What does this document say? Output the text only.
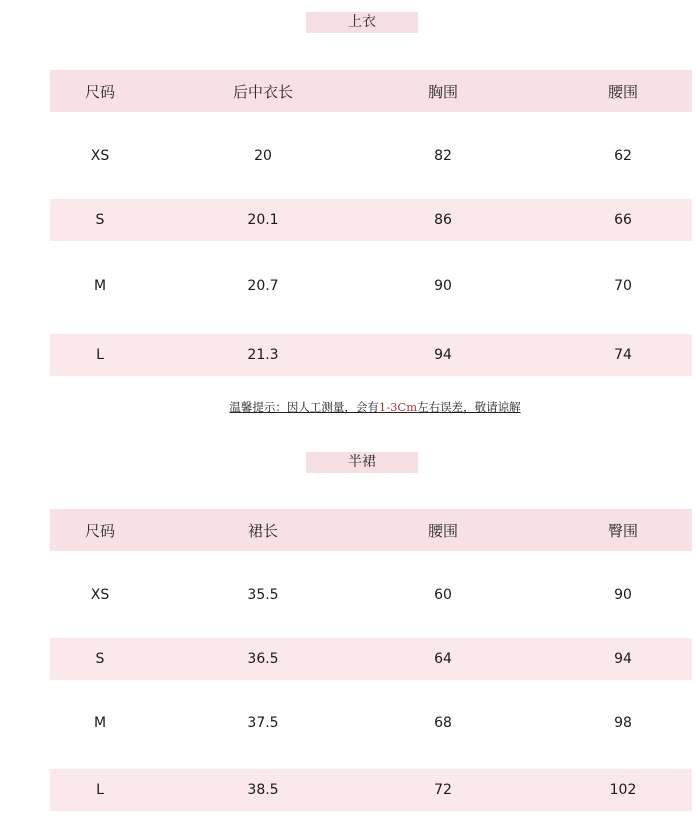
上衣
尺码	后中衣长	胸围	腰围
XS	20	82	62
S	20.1	86	66
M	20.7	90	70
L	21.3	94	74
温馨提示：因人工测量，会有1-3Cm左右误差，敬请谅解
半裙
尺码	裙长	腰围	臀围
XS	35.5	60	90
S	36.5	64	94
M	37.5	68	98
L	38.5	72	102
